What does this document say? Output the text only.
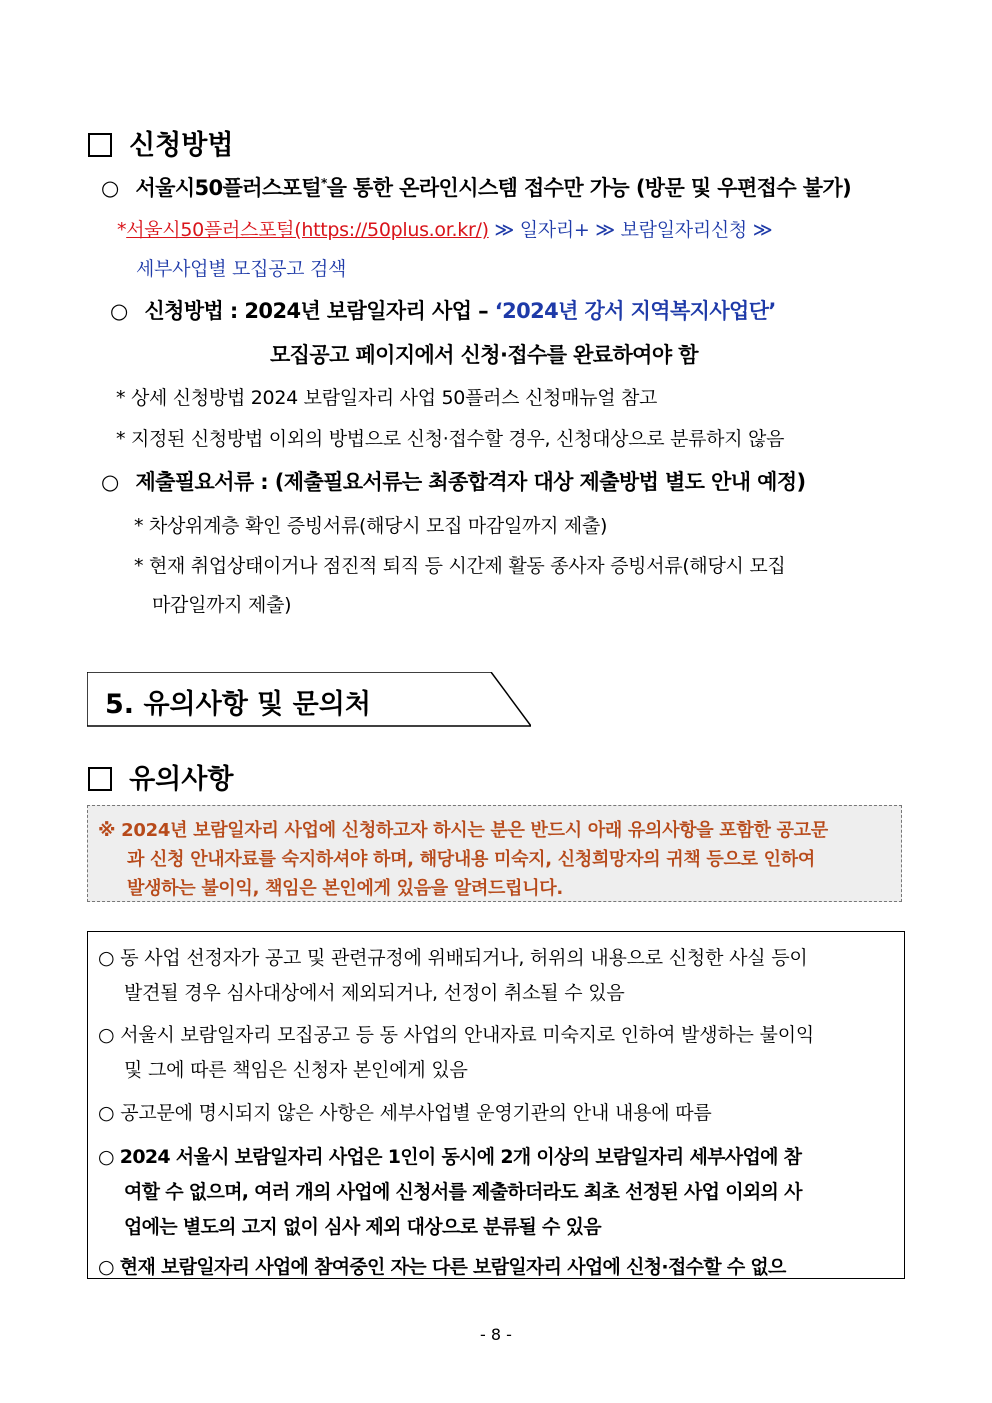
신청방법
○ 서울시50플러스포털*을 통한 온라인시스템 접수만 가능 (방문 및 우편접수 불가)
*서울시50플러스포털(https://50plus.or.kr/) ≫ 일자리+ ≫ 보람일자리신청 ≫
세부사업별 모집공고 검색
○ 신청방법 : 2024년 보람일자리 사업 – ‘2024년 강서 지역복지사업단’
모집공고 페이지에서 신청·접수를 완료하여야 함
* 상세 신청방법 2024 보람일자리 사업 50플러스 신청매뉴얼 참고
* 지정된 신청방법 이외의 방법으로 신청·접수할 경우, 신청대상으로 분류하지 않음
○ 제출필요서류 : (제출필요서류는 최종합격자 대상 제출방법 별도 안내 예정)
* 차상위계층 확인 증빙서류(해당시 모집 마감일까지 제출)
* 현재 취업상태이거나 점진적 퇴직 등 시간제 활동 종사자 증빙서류(해당시 모집
마감일까지 제출)
5. 유의사항 및 문의처
유의사항
※ 2024년 보람일자리 사업에 신청하고자 하시는 분은 반드시 아래 유의사항을 포함한 공고문
과 신청 안내자료를 숙지하셔야 하며, 해당내용 미숙지, 신청희망자의 귀책 등으로 인하여
발생하는 불이익, 책임은 본인에게 있음을 알려드립니다.
○ 동 사업 선정자가 공고 및 관련규정에 위배되거나, 허위의 내용으로 신청한 사실 등이
발견될 경우 심사대상에서 제외되거나, 선정이 취소될 수 있음
○ 서울시 보람일자리 모집공고 등 동 사업의 안내자료 미숙지로 인하여 발생하는 불이익
및 그에 따른 책임은 신청자 본인에게 있음
○ 공고문에 명시되지 않은 사항은 세부사업별 운영기관의 안내 내용에 따름
○ 2024 서울시 보람일자리 사업은 1인이 동시에 2개 이상의 보람일자리 세부사업에 참
여할 수 없으며, 여러 개의 사업에 신청서를 제출하더라도 최초 선정된 사업 이외의 사
업에는 별도의 고지 없이 심사 제외 대상으로 분류될 수 있음
○ 현재 보람일자리 사업에 참여중인 자는 다른 보람일자리 사업에 신청·접수할 수 없으
- 8 -
